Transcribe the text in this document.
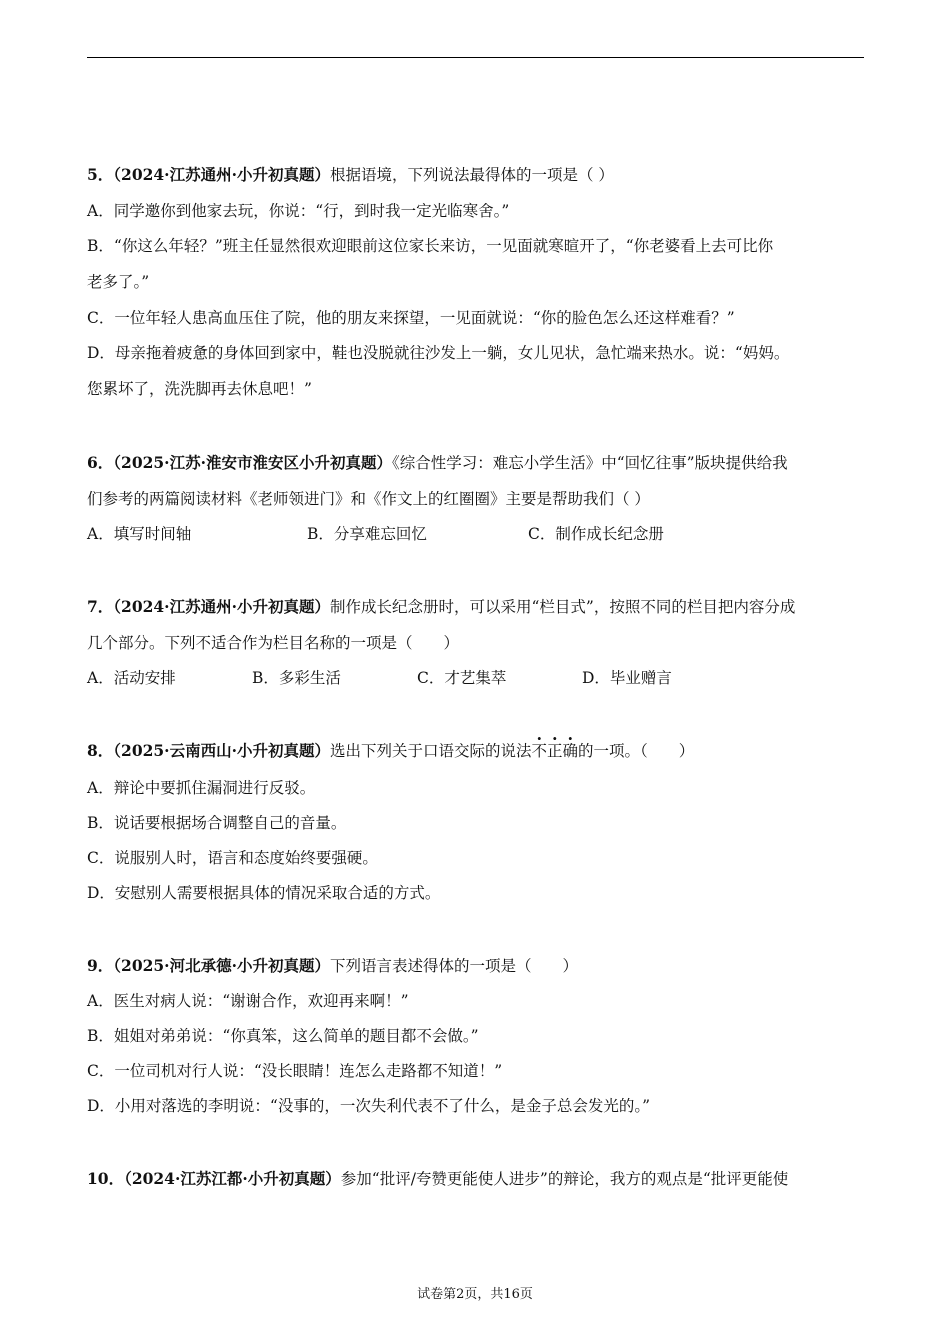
5．（2024·江苏通州·小升初真题）根据语境，下列说法最得体的一项是（ ）
A．同学邀你到他家去玩，你说：“行，到时我一定光临寒舍。”
B．“你这么年轻？”班主任显然很欢迎眼前这位家长来访，一见面就寒暄开了，“你老婆看上去可比你
老多了。”
C．一位年轻人患高血压住了院，他的朋友来探望，一见面就说：“你的脸色怎么还这样难看？”
D．母亲拖着疲惫的身体回到家中，鞋也没脱就往沙发上一躺，女儿见状，急忙端来热水。说：“妈妈。
您累坏了，洗洗脚再去休息吧！”
6．（2025·江苏·淮安市淮安区小升初真题）《综合性学习：难忘小学生活》中“回忆往事”版块提供给我
们参考的两篇阅读材料《老师领进门》和《作文上的红圈圈》主要是帮助我们（ ）
A．填写时间轴	B．分享难忘回忆	C．制作成长纪念册
7．（2024·江苏通州·小升初真题）制作成长纪念册时，可以采用“栏目式”，按照不同的栏目把内容分成
几个部分。下列不适合作为栏目名称的一项是（　　）
A．活动安排	B．多彩生活	C．才艺集萃	D．毕业赠言
8．（2025·云南西山·小升初真题）选出下列关于口语交际的说法不正确的一项。（　　）
A．辩论中要抓住漏洞进行反驳。
B．说话要根据场合调整自己的音量。
C．说服别人时，语言和态度始终要强硬。
D．安慰别人需要根据具体的情况采取合适的方式。
9．（2025·河北承德·小升初真题）下列语言表述得体的一项是（　　）
A．医生对病人说：“谢谢合作，欢迎再来啊！”
B．姐姐对弟弟说：“你真笨，这么简单的题目都不会做。”
C．一位司机对行人说：“没长眼睛！连怎么走路都不知道！”
D．小用对落选的李明说：“没事的，一次失利代表不了什么，是金子总会发光的。”
10．（2024·江苏江都·小升初真题）参加“批评/夸赞更能使人进步”的辩论，我方的观点是“批评更能使
试卷第2页，共16页
